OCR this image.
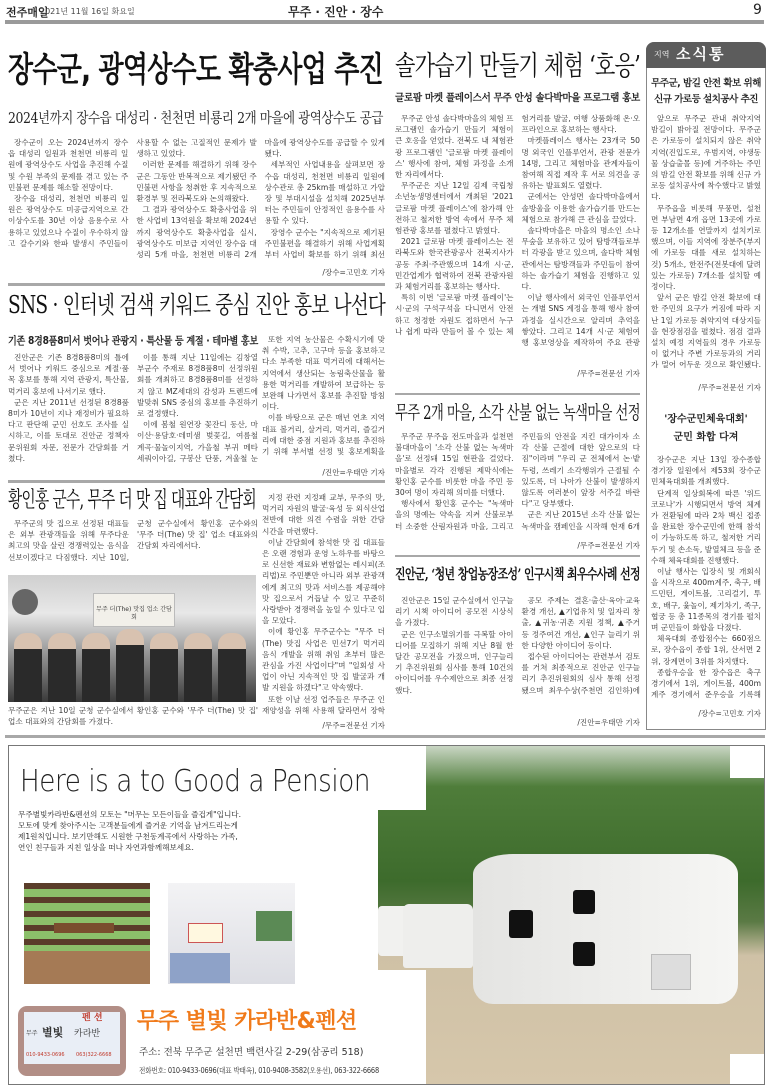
전주매일
2021년 11월 16일 화요일	무주 · 진안 · 장수	9
장수군, 광역상수도 확충사업 추진
2024년까지 장수읍 대성리 · 천천면 비룡리 2개 마을에 광역상수도 공급

장수군이 오는 2024년까지 장수읍 대성리 일원과 천천면 비룡리 일원에 광역상수도 사업을 추진해 수질 및 수원 부족의 문제를 겪고 있는 주민불편 문제를 해소할 전망이다.

장수읍 대성리, 천천면 비룡리 일원은 광역상수도 미공급지역으로 간이상수도를 30년 이상 음용수로 사용하고 있었으나 수질이 우수하지 않고 갈수기와 한파 발생시 주민들이 사용할 수 없는 고질적인 문제가 발생하고 있었다.

이러한 문제를 해결하기 위해 장수군은 그동안 반복적으로 제기됐던 주민불편 사항을 청취한 후 지속적으로 환경부 및 전라북도와 논의해왔다.

그 결과 광역상수도 확충사업을 위한 사업비 13억원을 확보해 2024년까지 광역상수도 확충사업을 실시, 광역상수도 미보급 지역인 장수읍 대성리 5개 마을, 천천면 비룡리 2개 마을에 광역상수도를 공급할 수 있게 됐다.

세부적인 사업내용을 살펴보면 장수읍 대성리, 천천면 비룡리 일원에 상수관로 총 25km를 매설하고 가압장 및 부대시설을 설치해 2025년부터는 주민들이 안정적인 음용수를 사용할 수 있다.

장영수 군수는 "지속적으로 제기된 주민불편을 해결하기 위해 사업계획부터 사업비 확보를 하기 위해 최선

/장수=고민호 기자
SNS · 인터넷 검색 키워드 중심 진안 홍보 나선다
기존 8경8품8미서 벗어나 관광지 · 특산물 등 계절 · 테마별 홍보

진안군은 기존 8경8품8미의 틀에서 벗어나 키워드 중심으로 계절·품목 홍보를 통해 지역 관광지, 특산물, 먹거리 홍보에 나서기로 했다.

군은 지난 2011년 선정된 8경8품8미가 10년이 지나 재정비가 필요하다고 판단해 군민 선호도 조사를 실시하고, 이를 토대로 진안군 정책자문위원회 자문, 전문가 간담회를 거쳤다.

이를 통해 지난 11일에는 김창열 부군수 주재로 8경8품8미 선정위원회를 개최하고 8경8품8미를 선정하지 않고 MZ세대의 감성과 트렌드에 발맞춰 SNS 중심의 홍보를 추진하기로 결정했다.

이에 봄철 원연장 꽃잔디 동산, 마이산·용담호·데미샘 벚꽃길, 여름철 계곡·물놀이지역, 가을철 부귀 메타세쿼이아길, 구봉산 단풍, 겨울철 눈

또한 지역 농산물은 수확시기에 맞춰 수박, 고추, 고구마 등을 홍보하고 다소 부족한 대표 먹거리에 대해서는 지역에서 생산되는 농림축산물을 활용한 먹거리를 개발하여 보급하는 등 보완해 나가면서 홍보를 추진할 방침이다.

이를 바탕으로 군은 매년 연초 지역 대표 볼거리, 살거리, 먹거리, 즐길거리에 대한 중점 지원과 홍보를 추진하기 위해 부서별 선정 및 홍보계획을

/진안=우태만 기자
황인홍 군수, 무주 더 맛 집 대표와 간담회

무주군의 맛 집으로 선정된 대표들은 외부 관광객들을 위해 무주다운 최고의 맛을 살린 경쟁력있는 음식을 선보이겠다고 다짐했다. 지난 10일, 군청 군수실에서 황인홍 군수와의 '무주 더(The) 맛 집' 업소 대표와의 간담회 자리에서다.

무주 더(The) 맛집 업소 간담회
무주군은 지난 10일 군청 군수실에서 황인홍 군수와 '무주 더(The) 맛 집' 업소 대표와의 간담회를 가졌다.

지정 관련 지정패 교부, 무주의 맛, 먹거리 자원의 발굴·육성 등 외식산업 전반에 대한 의견 수렴을 위한 간담 시간을 마련했다.

이날 간담회에 참석한 맛 집 대표들은 오랜 경험과 운영 노하우를 바탕으로 신선한 재료와 변함없는 레시피(조리법)로 주민뿐만 아니라 외부 관광객에게 최고의 맛과 서비스를 제공해야 맛 집으로서 거듭날 수 있고 꾸준히 사랑받아 경쟁력을 높일 수 있다고 입을 모았다.

이에 황인홍 무주군수는 "무주 더(The) 맛집 사업은 민선7기 먹거리 음식 개발을 위해 취임 초부터 많은 관심을 가진 사업이다"며 "일회성 사업이 아닌 지속적인 맛 집 발굴과 개발 지원을 하겠다"고 약속했다.

또한 이날 선정 업주들은 무주군 인재양성을 위해 사용해 달라면서 장학

/무주=전문선 기자
솔가습기 만들기 체험 ‘호응’
글로팜 마켓 플레이스서 무주 안성 솔다박마을 프로그램 홍보

무주군 안성 솔다박마을의 체험 프로그램인 솔가습기 만들기 체험이 큰 호응을 얻었다. 전북도 내 체험관광 프로그램인 '글로팜 마켓 플레이스' 행사에 참여, 체험 과정을 소개한 자리에서다.

무주군은 지난 12일 김제 국립청소년농생명센터에서 개최된 '2021 글로팜 마켓 플레이스'에 참가해 안전하고 철저한 방역 속에서 무주 체험관광 홍보를 펼쳤다고 밝혔다.

2021 글로팜 마켓 플레이스는 전라북도와 한국관광공사 전북지사가 공동 주최·주관했으며 14개 시·군, 민간업계가 협력하여 전북 관광자원과 체험거리를 홍보하는 행사다.

특히 이번 '글로팜 마켓 플레이'는 시·군의 구석구석을 다니면서 안전하고 청정한 자원도 접하면서 누구나 쉽게 따라 만들어 볼 수 있는 체험거리를 발굴, 여행 상품화해 온·오프라인으로 홍보하는 행사다.

마켓플레이스 행사는 23개국 50명 외국인 인플루언서, 관광 전문가 14명, 그리고 체험마을 관계자들이 참여해 직접 제작 후 서로 의견을 공유하는 발표회도 열렸다.

군에서는 안성면 솔다박마을에서 솔방울을 이용한 솔가습기를 만드는 체험으로 참가해 큰 관심을 끌었다.

솔다박마을은 마을의 명소인 소나무숲을 보유하고 있어 탐방객들로부터 각광을 받고 있으며, 솔다박 체험관에서는 탐방객들과 주민들이 참여하는 솔가습기 체험을 진행하고 있다.

이날 행사에서 외국인 인플루언서는 개별 SNS 계정을 통해 행사 참여 과정을 실시간으로 알리며 추억을 쌓았다. 그리고 14개 시·군 체험여행 홍보영상을 제작하여 주요 관광

/무주=전문선 기자
무주 2개 마을, 소각 산불 없는 녹색마을 선정

무주군 무주읍 전도마을과 설천면 불대마을이 '소각 산불 없는 녹색마을'로 선정돼 15일 현판을 걸었다. 마을별로 각각 진행된 제막식에는 황인홍 군수를 비롯한 마을 주민 등 30여 명이 자리해 의미를 더했다.

행사에서 황인홍 군수는 "녹색마을의 명예는 약속을 지켜 산불로부터 소중한 산림자원과 마을, 그리고 주민들의 안전을 지킨 대가이자 소각 산불 근절에 대한 앞으로의 다짐"이라며 "우리 군 전체에서 논·밭두렁, 쓰레기 소각행위가 근절될 수 있도록, 더 나아가 산불이 발생하지 않도록 여러분이 앞장 서주길 바란다"고 당부했다.

군은 지난 2015년 소각 산불 없는 녹색마을 캠페인을 시작해 현재 6개

/무주=전문선 기자
진안군, ‘청년 창업농장조성’ 인구시책 최우수사례 선정

진안군은 15일 군수실에서 인구늘리기 시책 아이디어 공모전 시상식을 가졌다.

군은 인구소멸위기를 극복할 아이디어를 모집하기 위해 지난 8월 한 달간 공모전을 가졌으며, 인구늘리기 추진위원회 심사를 통해 10건의 아이디어를 우수제안으로 최종 선정했다.

공모 주제는 결혼·출산·육아·교육환경 개선, ▲기업유치 및 일자리 창출, ▲귀농·귀촌 지원 정책, ▲주거 등 정주여건 개선, ▲인구 늘리기 위한 다양한 아이디어 등이다.

접수된 아이디어는 관련부서 검토를 거쳐 최종적으로 진안군 인구늘리기 추진위원회의 심사 통해 선정됐으며 최우수상(주천면 김인하)에

/진안=우태만 기자
지역 소식통
무주군, 밤길 안전 확보 위해
신규 가로등 설치공사 추진

앞으로 무주군 관내 취약지역 밤길이 밝아질 전망이다. 무주군은 가로등이 설치되지 않은 취약지역(진입도로, 우범지역, 야생동물 상습출몰 등)에 거주하는 주민의 밤길 안전 확보를 위해 신규 가로등 설치공사에 착수했다고 밝혔다.

무주읍을 비롯해 무풍면, 설천면 부남면 4개 읍면 13곳에 가로등 12개소를 연말까지 설치키로 했으며, 이들 지역에 장분주(부지에 가로등 대를 새로 설치하는 것) 5개소, 한전주(전봇대에 달려있는 가로등) 7개소를 설치할 예정이다.

앞서 군은 밤길 안전 확보에 대한 주민의 요구가 커짐에 따라 지난 1일 가로등 취약지역 대상지들을 현장점검을 펼쳤다. 점검 결과 설치 예정 지역들의 경우 가로등이 없거나 주변 가로등과의 거리가 멀어 어두운 것으로 확인됐다.

/무주=전문선 기자
'장수군민체육대회'
군민 화합 다져

장수군은 지난 13일 장수종합경기장 일원에서 제53회 장수군민체육대회를 개최했다.

단계적 일상회복에 따른 '위드코로나'가 시행되면서 방역 체계가 전환됨에 따라 2차 백신 접종을 완료한 장수군민에 한해 참석이 가능하도록 하고, 철저한 거리두기 및 손소독, 발열체크 등을 준수해 체육대회를 진행했다.

이날 행사는 입장식 및 개회식을 시작으로 400m계주, 축구, 배드민턴, 게이트볼, 고리걸기, 투호, 배구, 윷놀이, 제기차기, 족구, 협궁 등 총 11종목의 경기를 펼치며 군민들이 화합을 다졌다.

체육대회 종합점수는 660점으로, 장수읍이 종합 1위, 산서면 2위, 장계면이 3위를 차지했다.

종합우승을 한 장수읍은 축구 경기에서 1위, 게이트볼, 400m 계주 경기에서 준우승을 기록해

/장수=고민호 기자
Here is a to Good a Pension
무주별빛카라반&펜션의 모토는 "머무는 모든이들을 즐겁게"입니다.
모토에 맞게 찾아주시는 고객분들에게 즐거운 기억을 남겨드리는게
제1원칙입니다. 보기만해도 시원한 구천동계곡에서 사랑하는 가족,
연인 친구들과 지친 일상을 떠나 자연과함께해보세요.
펜 션
무주 별빛 카라반
010-9433-0696 063)322-6668
무주 별빛 카라반&펜션
주소: 전북 무주군 설천면 백련사길 2-29(삼공리 518)
전화번호: 010-9433-0696(대표 박태옥), 010-9408-3582(오용선), 063-322-6668
